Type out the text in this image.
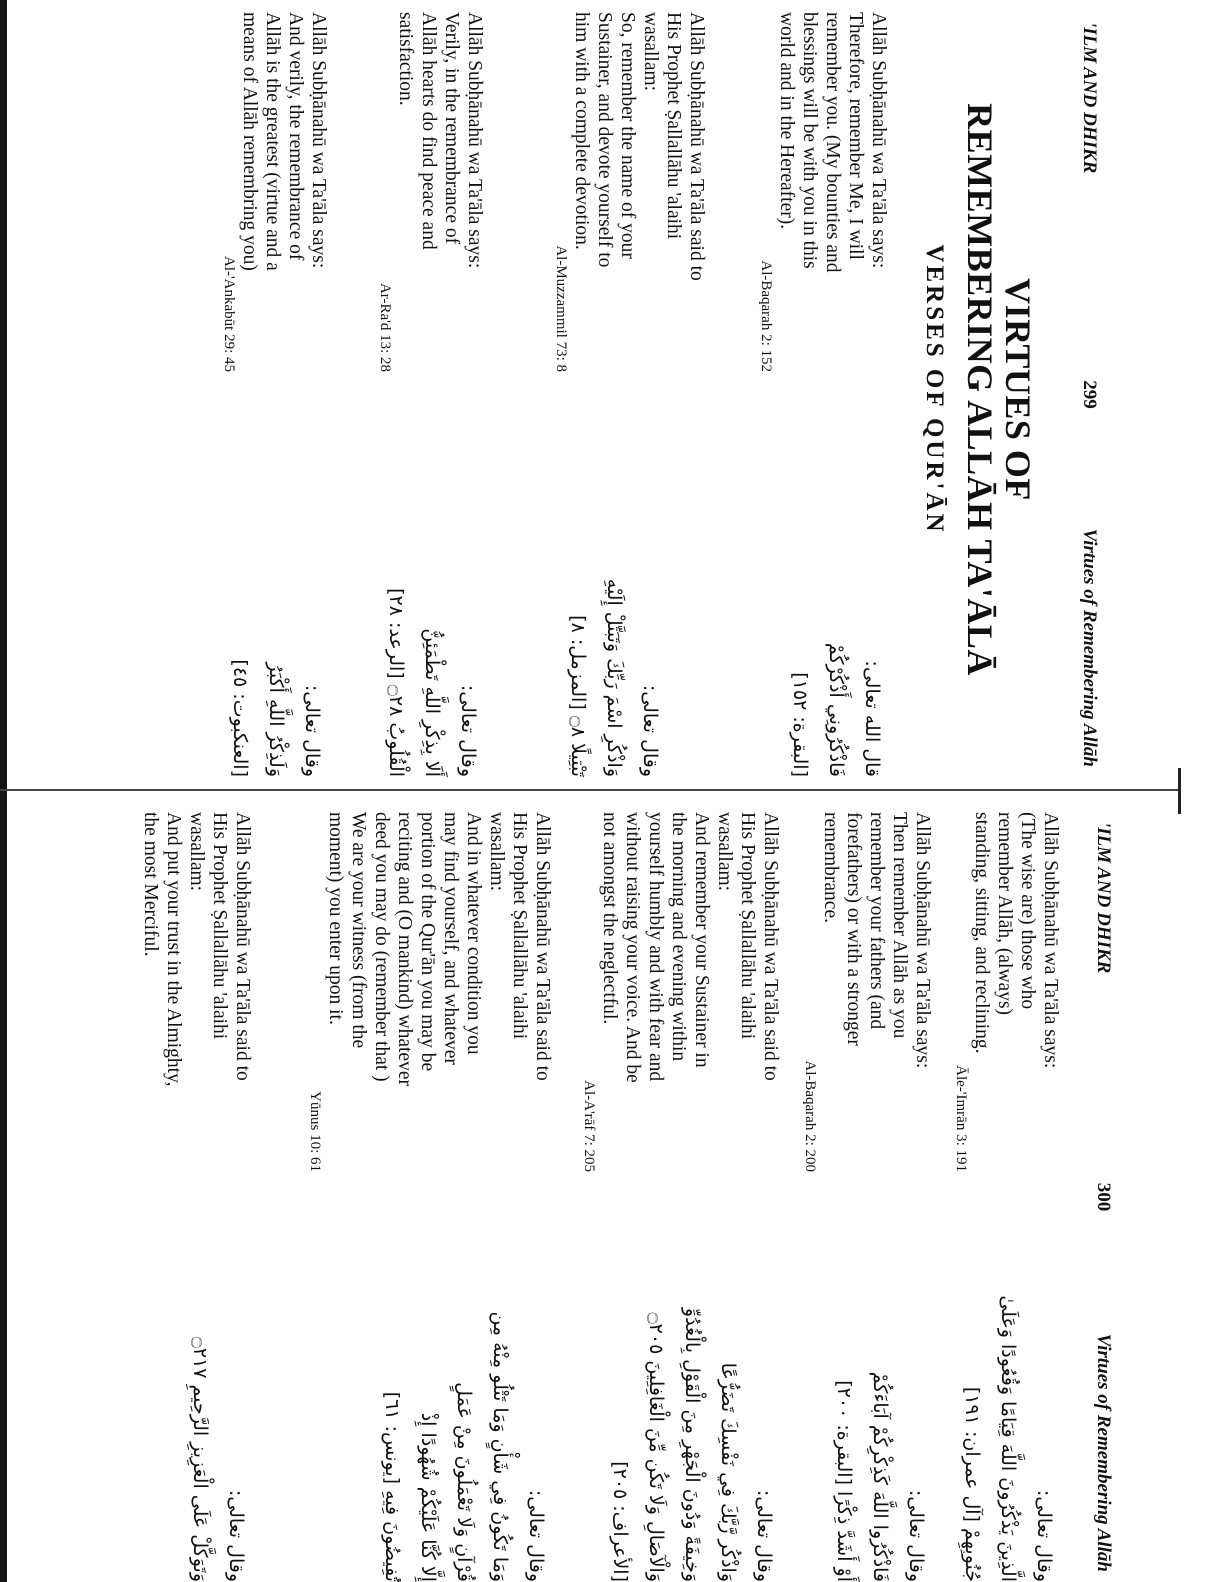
'ILM AND DHIKR
299
Virtues of Remembering Allāh
VIRTUES OF
REMEMBERING ALLĀH TA'ĀLĀ
VERSES OF QUR'ĀN
Allāh Subḥānahū wa Ta'āla says:
Therefore, remember Me, I will
remember you. (My bounties and
blessings will be with you in this
world and in the Hereafter).
Al-Baqarah 2: 152
قال الله تعالى:
فَاذْكُرُونِي أَذْكُرْكُمْ
[البقرة: ١٥٢]
Allāh Subḥānahū wa Ta'āla said to
His Prophet Ṣallallāhu 'alaihi
wasallam:
So, remember the name of your
Sustainer, and devote yourself to
him with a complete devotion.
Al-Muzzammil 73: 8
وقال تعالى:
وَاذْكُرِ اسْمَ رَبِّكَ وَتَبَتَّلْ إِلَيْهِ
تَبْتِيلًا ۝٨ [المزمل: ٨]
Allāh Subḥānahū wa Ta'āla says:
Verily, in the remembrance of
Allāh hearts do find peace and
satisfaction.
Ar-Ra'd 13: 28
وقال تعالى:
أَلَا بِذِكْرِ اللَّهِ تَطْمَئِنُّ
الْقُلُوبُ ۝٢٨ [الرعد: ٢٨]
Allāh Subḥānahū wa Ta'āla says:
And verily, the remembrance of
Allāh is the greatest (virtue and a
means of Allāh remembring you)
Al-'Ankabūt 29: 45
وقال تعالى:
وَلَذِكْرُ اللَّهِ أَكْبَرُ
[العنكبوت: ٤٥]
'ILM AND DHIKR
300
Virtues of Remembering Allāh
Allāh Subḥānahū wa Ta'āla says:
(The wise are) those who
remember Allāh, (always)
standing, sitting, and reclining.
Āle-'Imrān 3: 191
وقال تعالى:
الَّذِينَ يَذْكُرُونَ اللَّهَ قِيَامًا وَقُعُودًا وَعَلَىٰ
جُنُوبِهِمْ [آل عمران: ١٩١]
Allāh Subḥānahū wa Ta'āla says:
Then remember Allāh as you
remember your fathers (and
forefathers) or with a stronger
remembrance.
Al-Baqarah 2: 200
وقال تعالى:
فَاذْكُرُوا اللَّهَ كَذِكْرِكُمْ آبَاءَكُمْ
أَوْ أَشَدَّ ذِكْرًا [البقرة: ٢٠٠]
Allāh Subḥānahū wa Ta'āla said to
His Prophet Ṣallallāhu 'alaihi
wasallam:
And remember your Sustainer in
the morning and evening within
yourself humbly and with fear and
without raising your voice. And be
not amongst the neglectful.
Al-A'rāf 7: 205
وقال تعالى:
وَاذْكُر رَّبَّكَ فِي نَفْسِكَ تَضَرُّعًا
وَخِيفَةً وَدُونَ الْجَهْرِ مِنَ الْقَوْلِ بِالْغُدُوِّ
وَالْآصَالِ وَلَا تَكُن مِّنَ الْغَافِلِينَ ۝٢٠٥
[الأعراف: ٢٠٥]
Allāh Subḥānahū wa Ta'āla said to
His Prophet Ṣallallāhu 'alaihi
wasallam:
And in whatever condition you
may find yourself, and whatever
portion of the Qur'ān you may be
reciting and (O mankind) whatever
deed you may do (remember that )
We are your witness (from the
moment) you enter upon it.
Yūnus 10: 61
وقال تعالى:
وَمَا تَكُونُ فِي شَأْنٍ وَمَا تَتْلُو مِنْهُ مِن
قُرْآنٍ وَلَا تَعْمَلُونَ مِنْ عَمَلٍ
إِلَّا كُنَّا عَلَيْكُمْ شُهُودًا إِذْ
تُفِيضُونَ فِيهِ [يونس: ٦١]
Allāh Subḥānahū wa Ta'āla said to
His Prophet Ṣallallāhu 'alaihi
wasallam:
And put your trust in the Almighty,
the most Merciful.
وقال تعالى:
وَتَوَكَّلْ عَلَى الْعَزِيزِ الرَّحِيمِ ۝٢١٧
